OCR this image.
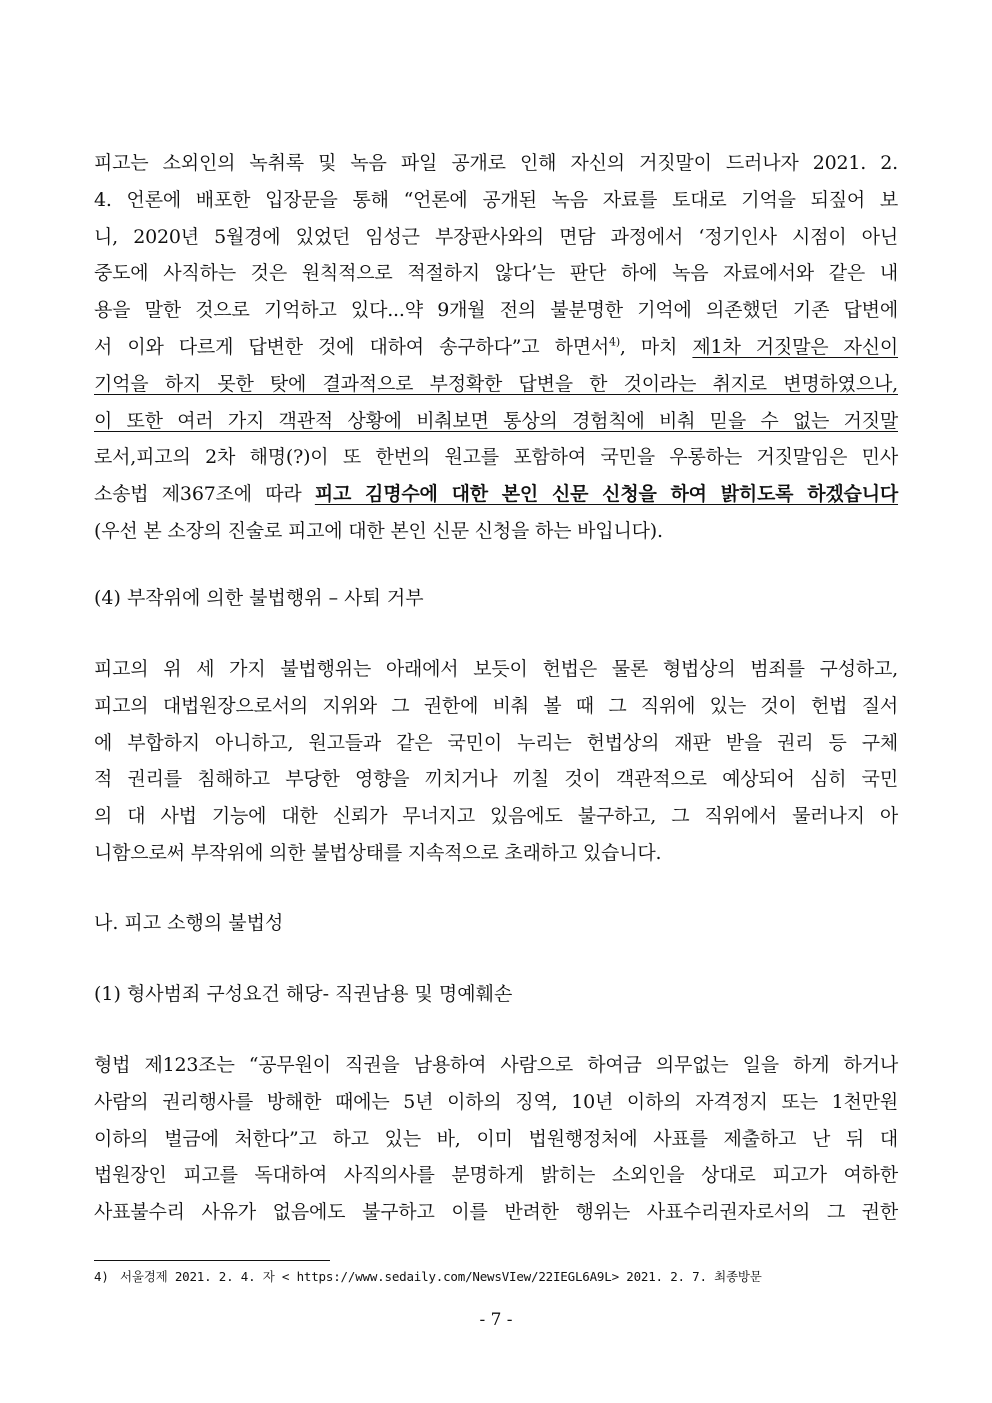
피고는 소외인의 녹취록 및 녹음 파일 공개로 인해 자신의 거짓말이 드러나자 2021. 2.
4. 언론에 배포한 입장문을 통해 “언론에 공개된 녹음 자료를 토대로 기억을 되짚어 보
니, 2020년 5월경에 있었던 임성근 부장판사와의 면담 과정에서 ‘정기인사 시점이 아닌
중도에 사직하는 것은 원칙적으로 적절하지 않다’는 판단 하에 녹음 자료에서와 같은 내
용을 말한 것으로 기억하고 있다...약 9개월 전의 불분명한 기억에 의존했던 기존 답변에
서 이와 다르게 답변한 것에 대하여 송구하다”고 하면서$^{4)}$, 마치 제1차 거짓말은 자신이
기억을 하지 못한 탓에 결과적으로 부정확한 답변을 한 것이라는 취지로 변명하였으나,
이 또한 여러 가지 객관적 상황에 비춰보면 통상의 경험칙에 비춰 믿을 수 없는 거짓말
로서,피고의 2차 해명(?)이 또 한번의 원고를 포함하여 국민을 우롱하는 거짓말임은 민사
소송법 제367조에 따라 피고 김명수에 대한 본인 신문 신청을 하여 밝히도록 하겠습니다
(우선 본 소장의 진술로 피고에 대한 본인 신문 신청을 하는 바입니다).
(4) 부작위에 의한 불법행위 – 사퇴 거부
피고의 위 세 가지 불법행위는 아래에서 보듯이 헌법은 물론 형법상의 범죄를 구성하고,
피고의 대법원장으로서의 지위와 그 권한에 비춰 볼 때 그 직위에 있는 것이 헌법 질서
에 부합하지 아니하고, 원고들과 같은 국민이 누리는 헌법상의 재판 받을 권리 등 구체
적 권리를 침해하고 부당한 영향을 끼치거나 끼칠 것이 객관적으로 예상되어 심히 국민
의 대 사법 기능에 대한 신뢰가 무너지고 있음에도 불구하고, 그 직위에서 물러나지 아
니함으로써 부작위에 의한 불법상태를 지속적으로 초래하고 있습니다.
나. 피고 소행의 불법성
(1) 형사범죄 구성요건 해당- 직권남용 및 명예훼손
형법 제123조는 “공무원이 직권을 남용하여 사람으로 하여금 의무없는 일을 하게 하거나
사람의 권리행사를 방해한 때에는 5년 이하의 징역, 10년 이하의 자격정지 또는 1천만원
이하의 벌금에 처한다”고 하고 있는 바, 이미 법원행정처에 사표를 제출하고 난 뒤 대
법원장인 피고를 독대하여 사직의사를 분명하게 밝히는 소외인을 상대로 피고가 여하한
사표불수리 사유가 없음에도 불구하고 이를 반려한 행위는 사표수리권자로서의 그 권한
4) 서울경제 2021. 2. 4. 자 < https://www.sedaily.com/NewsVIew/22IEGL6A9L> 2021. 2. 7. 최종방문
- 7 -
